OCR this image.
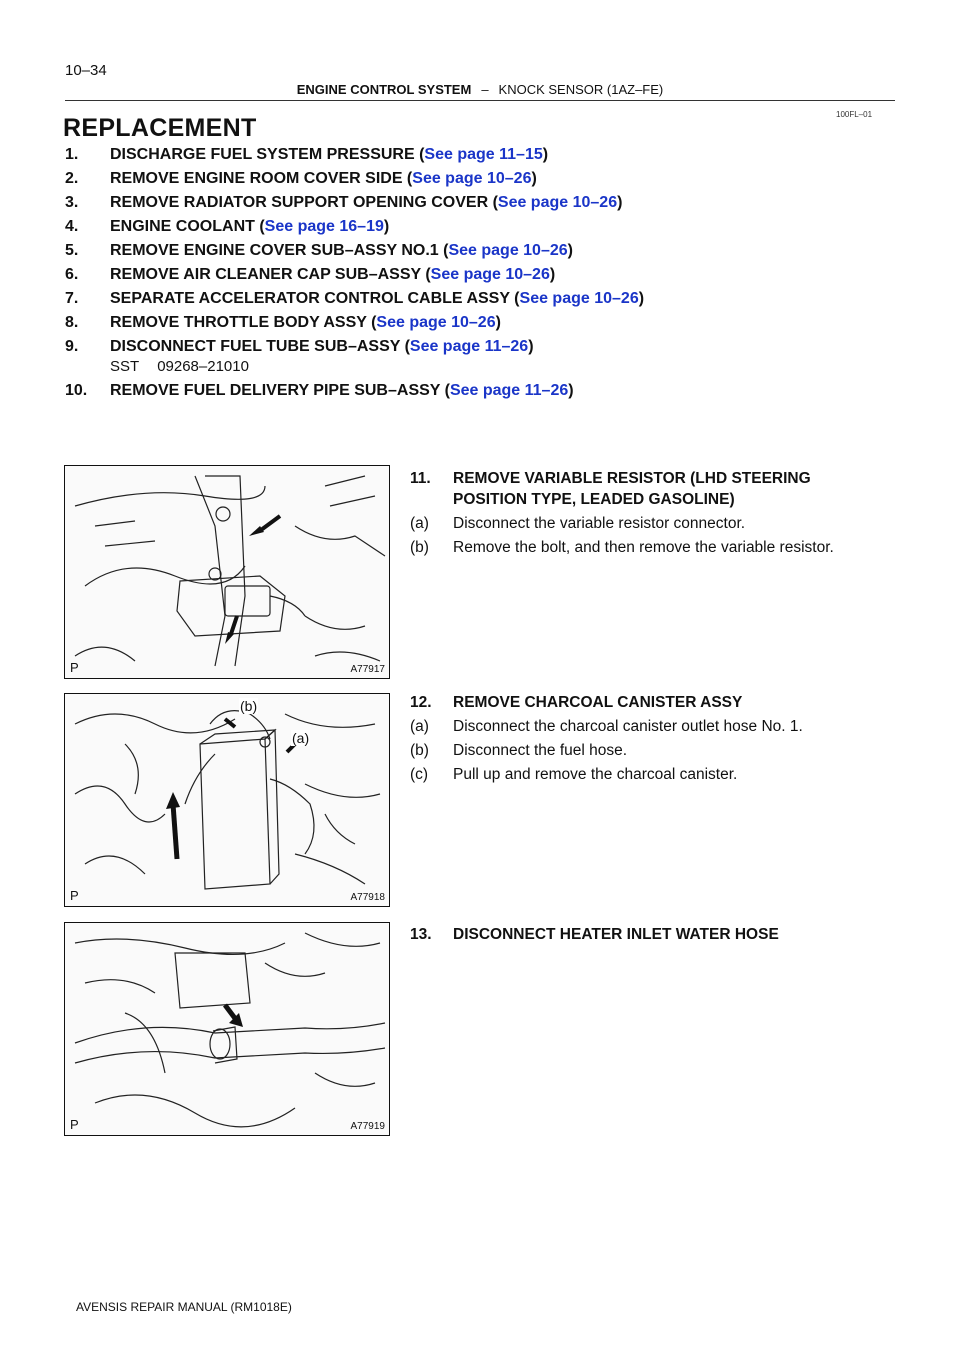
10–34
ENGINE CONTROL SYSTEM – KNOCK SENSOR (1AZ–FE)
100FL–01
REPLACEMENT
1. DISCHARGE FUEL SYSTEM PRESSURE (See page 11–15)
2. REMOVE ENGINE ROOM COVER SIDE (See page 10–26)
3. REMOVE RADIATOR SUPPORT OPENING COVER (See page 10–26)
4. ENGINE COOLANT (See page 16–19)
5. REMOVE ENGINE COVER SUB–ASSY NO.1 (See page 10–26)
6. REMOVE AIR CLEANER CAP SUB–ASSY (See page 10–26)
7. SEPARATE ACCELERATOR CONTROL CABLE ASSY (See page 10–26)
8. REMOVE THROTTLE BODY ASSY (See page 10–26)
9. DISCONNECT FUEL TUBE SUB–ASSY (See page 11–26)
SST 09268–21010
10. REMOVE FUEL DELIVERY PIPE SUB–ASSY (See page 11–26)
P	A77917
(b)
(a)
P	A77918
P	A77919
11. REMOVE VARIABLE RESISTOR (LHD STEERING
POSITION TYPE, LEADED GASOLINE)
(a) Disconnect the variable resistor connector.
(b) Remove the bolt, and then remove the variable resistor.
12. REMOVE CHARCOAL CANISTER ASSY
(a) Disconnect the charcoal canister outlet hose No. 1.
(b) Disconnect the fuel hose.
(c) Pull up and remove the charcoal canister.
13. DISCONNECT HEATER INLET WATER HOSE
AVENSIS REPAIR MANUAL (RM1018E)
